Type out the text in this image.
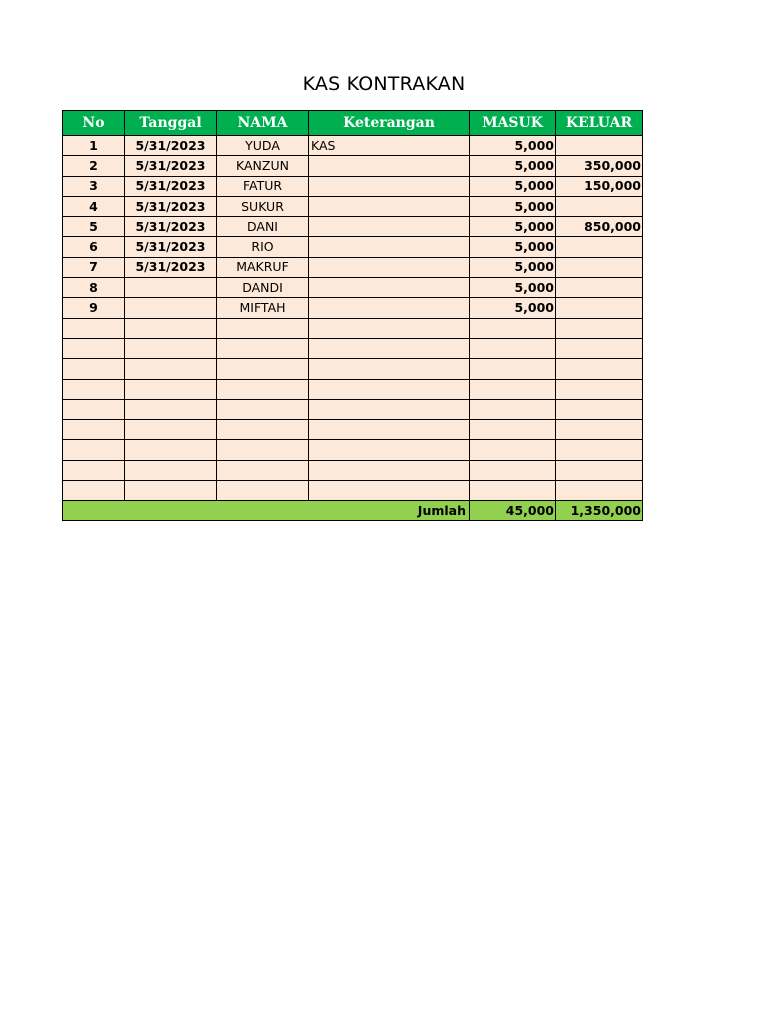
KAS KONTRAKAN
No	Tanggal	NAMA	Keterangan	MASUK	KELUAR
1	5/31/2023	YUDA	KAS	5,000	
2	5/31/2023	KANZUN		5,000	350,000
3	5/31/2023	FATUR		5,000	150,000
4	5/31/2023	SUKUR		5,000	
5	5/31/2023	DANI		5,000	850,000
6	5/31/2023	RIO		5,000	
7	5/31/2023	MAKRUF		5,000	
8		DANDI		5,000	
9		MIFTAH		5,000	

Jumlah				45,000	1,350,000
